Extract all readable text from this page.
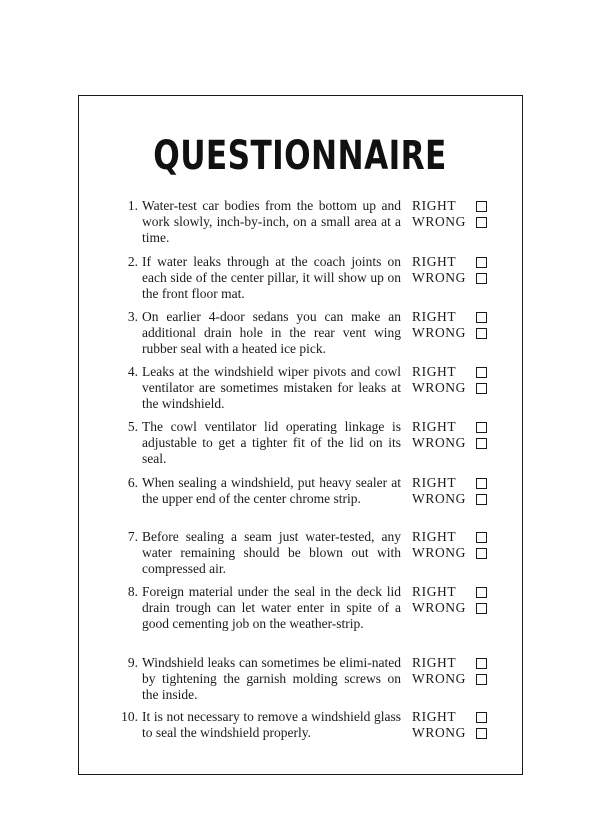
QUESTIONNAIRE
1. Water-test car bodies from the bottom up and work slowly, inch-by-inch, on a small area at a time.
RIGHT
WRONG
2. If water leaks through at the coach joints on each side of the center pillar, it will show up on the front floor mat.
RIGHT
WRONG
3. On earlier 4-door sedans you can make an additional drain hole in the rear vent wing rubber seal with a heated ice pick.
RIGHT
WRONG
4. Leaks at the windshield wiper pivots and cowl ventilator are sometimes mistaken for leaks at the windshield.
RIGHT
WRONG
5. The cowl ventilator lid operating linkage is adjustable to get a tighter fit of the lid on its seal.
RIGHT
WRONG
6. When sealing a windshield, put heavy sealer at the upper end of the center chrome strip.
RIGHT
WRONG
7. Before sealing a seam just water-tested, any water remaining should be blown out with compressed air.
RIGHT
WRONG
8. Foreign material under the seal in the deck lid drain trough can let water enter in spite of a good cementing job on the weather-strip.
RIGHT
WRONG
9. Windshield leaks can sometimes be elimi-nated by tightening the garnish molding screws on the inside.
RIGHT
WRONG
10. It is not necessary to remove a windshield glass to seal the windshield properly.
RIGHT
WRONG
